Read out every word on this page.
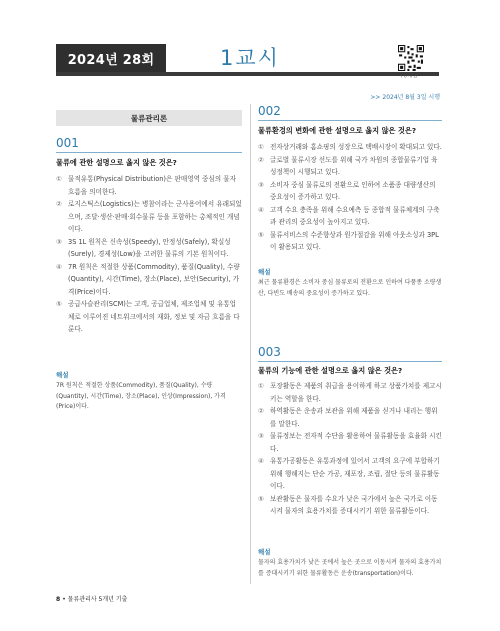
2024년 28회	1교시
자동채점
>> 2024년 8월 3일 시행
물류관리론
001
물류에 관한 설명으로 옳지 않은 것은?
① 물적유통(Physical Distribution)은 판매영역 중심의 물자 흐름을 의미한다.
② 로지스틱스(Logistics)는 병참이라는 군사용어에서 유래되었으며, 조달·생산·판매·회수물류 등을 포함하는 총체적인 개념이다.
③ 3S 1L 원칙은 신속성(Speedy), 안정성(Safely), 확실성(Surely), 경제성(Low)을 고려한 물류의 기본 원칙이다.
④ 7R 원칙은 적절한 상품(Commodity), 품질(Quality), 수량(Quantity), 시간(Time), 장소(Place), 보안(Security), 가격(Price)이다.
⑤ 공급사슬관리(SCM)는 고객, 공급업체, 제조업체 및 유통업체로 이루어진 네트워크에서의 재화, 정보 및 자금 흐름을 다룬다.
해설
7R 원칙은 적절한 상품(Commodity), 품질(Quality), 수량(Quantity), 시간(Time), 장소(Place), 인상(Impression), 가격(Price)이다.
002
물류환경의 변화에 관한 설명으로 옳지 않은 것은?
① 전자상거래와 홈쇼핑의 성장으로 택배시장이 확대되고 있다.
② 글로벌 물류시장 선도를 위해 국가 차원의 종합물류기업 육성정책이 시행되고 있다.
③ 소비자 중심 물류로의 전환으로 인하여 소품종 대량생산의 중요성이 증가하고 있다.
④ 고객 수요 충족을 위해 수요예측 등 종합적 물류체계의 구축과 관리의 중요성이 높아지고 있다.
⑤ 물류서비스의 수준향상과 원가절감을 위해 아웃소싱과 3PL이 활용되고 있다.
해설
최근 물류환경은 소비자 중심 물류로의 전환으로 인하여 다품종 소량생산, 다빈도 배송의 중요성이 증가하고 있다.
003
물류의 기능에 관한 설명으로 옳지 않은 것은?
① 포장활동은 제품의 취급을 용이하게 하고 상품가치를 제고시키는 역할을 한다.
② 하역활동은 운송과 보관을 위해 제품을 싣거나 내리는 행위를 말한다.
③ 물류정보는 전자적 수단을 활용하여 물류활동을 효율화 시킨다.
④ 유통가공활동은 유통과정에 있어서 고객의 요구에 부합하기 위해 행해지는 단순 가공, 재포장, 조립, 절단 등의 물류활동이다.
⑤ 보관활동은 물자를 수요가 낮은 국가에서 높은 국가로 이동시켜 물자의 효용가치를 증대시키기 위한 물류활동이다.
해설
물자의 효용가치가 낮은 곳에서 높은 곳으로 이동시켜 물자의 효용가치를 증대시키기 위한 물류활동은 운송(transportation)이다.
8 • 물류관리사 5개년 기출
